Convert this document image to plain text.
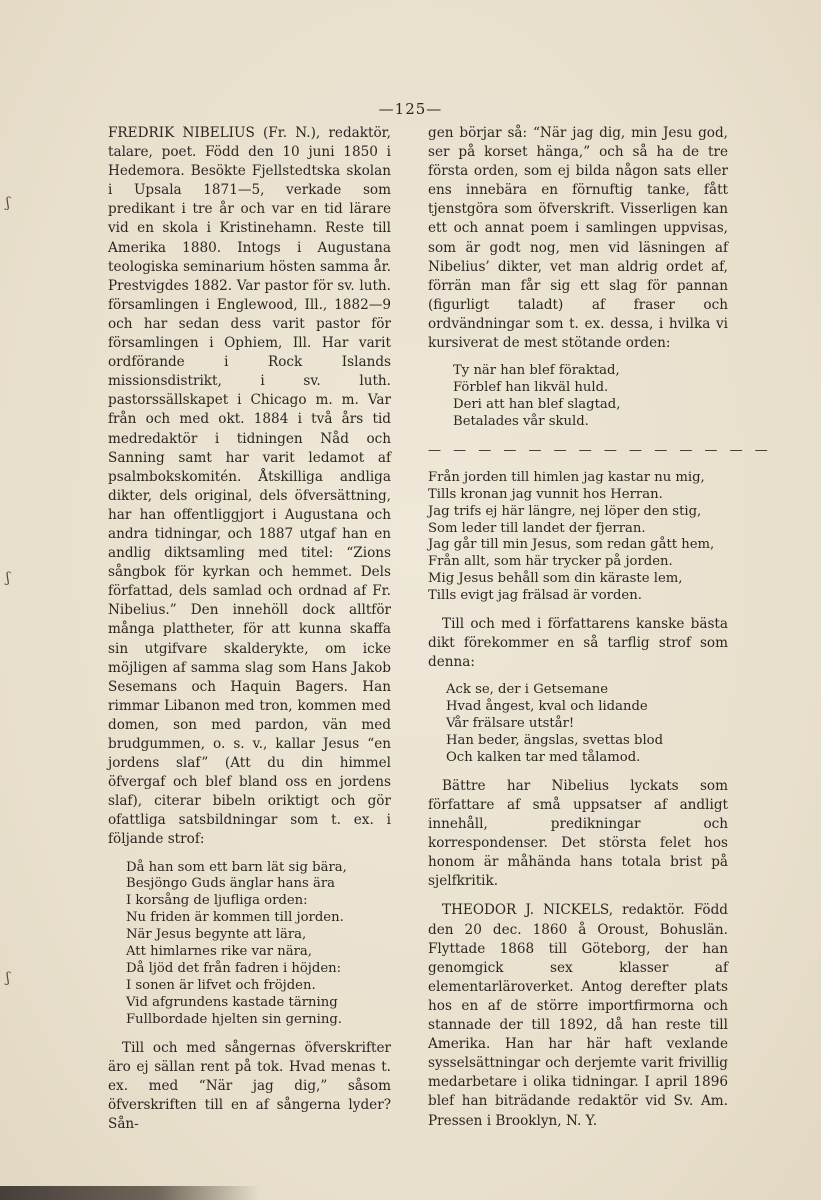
—125—

FREDRIK NIBELIUS (Fr. N.), redaktör, talare, poet. Född den 10 juni 1850 i Hedemora. Besökte Fjellstedtska skolan i Upsala 1871—5, verkade som predikant i tre år och var en tid lärare vid en skola i Kristinehamn. Reste till Amerika 1880. Intogs i Augustana teologiska seminarium hösten samma år. Prestvigdes 1882. Var pastor för sv. luth. församlingen i Englewood, Ill., 1882—9 och har sedan dess varit pastor för församlingen i Ophiem, Ill. Har varit ordförande i Rock Islands missionsdistrikt, i sv. luth. pastorssällskapet i Chicago m. m. Var från och med okt. 1884 i två års tid medredaktör i tidningen Nåd och Sanning samt har varit ledamot af psalmbokskomitén. Åtskilliga andliga dikter, dels original, dels öfversättning, har han offentliggjort i Augustana och andra tidningar, och 1887 utgaf han en andlig diktsamling med titel: “Zions sångbok för kyrkan och hemmet. Dels författad, dels samlad och ordnad af Fr. Nibelius.” Den innehöll dock alltför många plattheter, för att kunna skaffa sin utgifvare skalderykte, om icke möjligen af samma slag som Hans Jakob Sesemans och Haquin Bagers. Han rimmar Libanon med tron, kommen med domen, son med pardon, vän med brudgummen, o. s. v., kallar Jesus “en jordens slaf” (Att du din himmel öfvergaf och blef bland oss en jordens slaf), citerar bibeln oriktigt och gör ofattliga satsbildningar som t. ex. i följande strof:

Då han som ett barn lät sig bära,
Besjöngo Guds änglar hans ära
I korsång de ljufliga orden:
Nu friden är kommen till jorden.
När Jesus begynte att lära,
Att himlarnes rike var nära,
Då ljöd det från fadren i höjden:
I sonen är lifvet och fröjden.
Vid afgrundens kastade tärning
Fullbordade hjelten sin gerning.

Till och med sångernas öfverskrifter äro ej sällan rent på tok. Hvad menas t. ex. med “När jag dig,” såsom öfverskriften till en af sångerna lyder? Sån-

gen börjar så: “När jag dig, min Jesu god, ser på korset hänga,” och så ha de tre första orden, som ej bilda någon sats eller ens innebära en förnuftig tanke, fått tjenstgöra som öfverskrift. Visserligen kan ett och annat poem i samlingen uppvisas, som är godt nog, men vid läsningen af Nibelius’ dikter, vet man aldrig ordet af, förrän man får sig ett slag för pannan (figurligt taladt) af fraser och ordvändningar som t. ex. dessa, i hvilka vi kursiverat de mest stötande orden:

Ty när han blef föraktad,
Förblef han likväl huld.
Deri att han blef slagtad,
Betalades vår skuld.
— — — — — — — — — — — — — —
Från jorden till himlen jag kastar nu mig,
Tills kronan jag vunnit hos Herran.
Jag trifs ej här längre, nej löper den stig,
Som leder till landet der fjerran.
Jag går till min Jesus, som redan gått hem,
Från allt, som här trycker på jorden.
Mig Jesus behåll som din käraste lem,
Tills evigt jag frälsad är vorden.

Till och med i författarens kanske bästa dikt förekommer en så tarflig strof som denna:

Ack se, der i Getsemane
Hvad ångest, kval och lidande
Vår frälsare utstår!
Han beder, ängslas, svettas blod
Och kalken tar med tålamod.

Bättre har Nibelius lyckats som författare af små uppsatser af andligt innehåll, predikningar och korrespondenser. Det största felet hos honom är måhända hans totala brist på sjelfkritik.

THEODOR J. NICKELS, redaktör. Född den 20 dec. 1860 å Oroust, Bohuslän. Flyttade 1868 till Göteborg, der han genomgick sex klasser af elementarläroverket. Antog derefter plats hos en af de större importfirmorna och stannade der till 1892, då han reste till Amerika. Han har här haft vexlande sysselsättningar och derjemte varit frivillig medarbetare i olika tidningar. I april 1896 blef han biträdande redaktör vid Sv. Am. Pressen i Brooklyn, N. Y.

ʃ
ʃ
ʃ
